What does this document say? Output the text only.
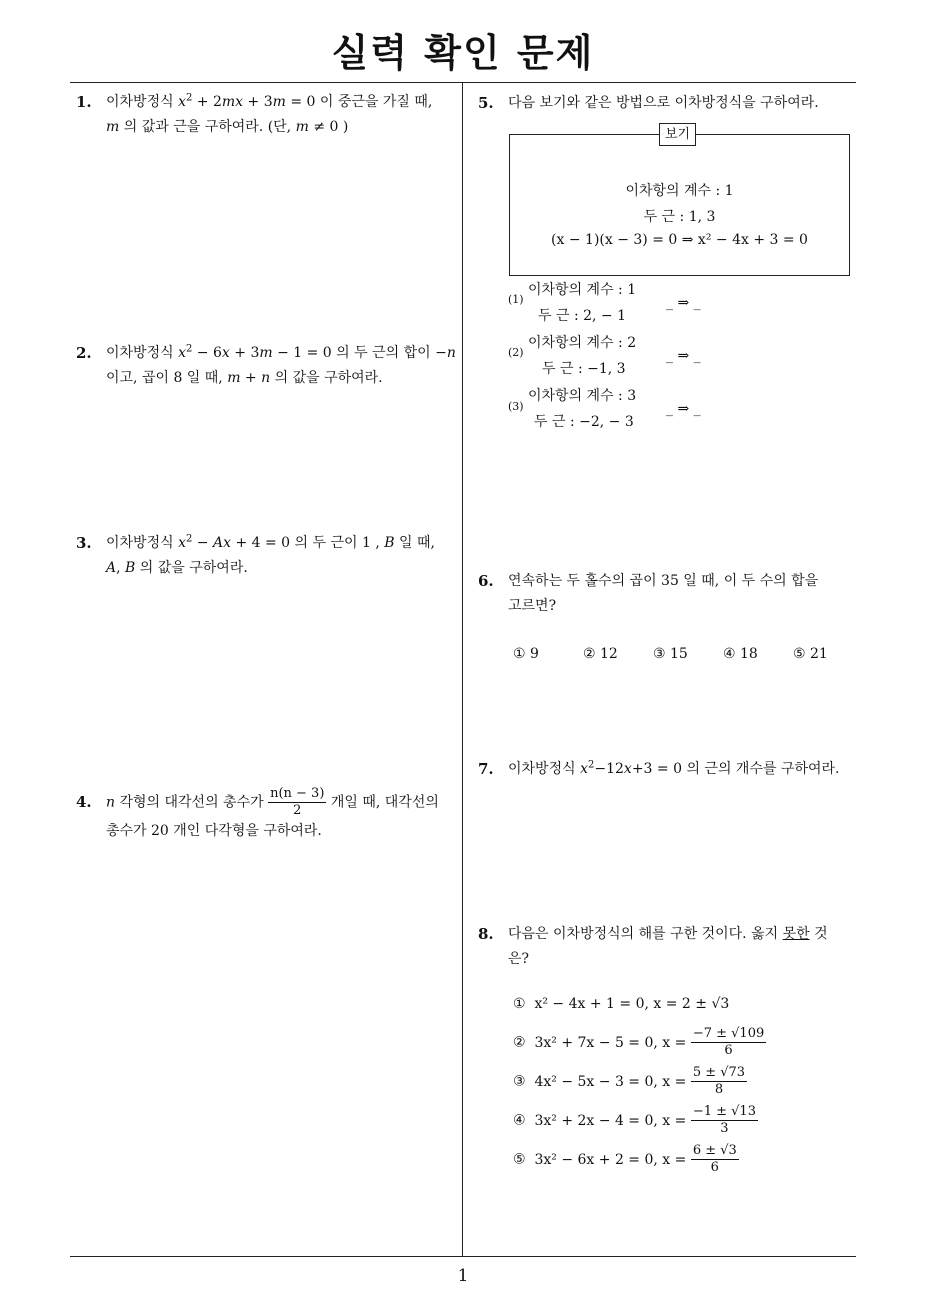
실력 확인 문제
1
1. 이차방정식 $x^2 + 2mx + 3m = 0$ 이 중근을 가질 때,
m 의 값과 근을 구하여라. (단, m ≠ 0 )
2. 이차방정식 $x^2 - 6x + 3m - 1 = 0$ 의 두 근의 합이 −n
이고, 곱이 8 일 때, m + n 의 값을 구하여라.
3. 이차방정식 $x^2 - Ax + 4 = 0$ 의 두 근이 1 , B 일 때,
A, B 의 값을 구하여라.
4. n 각형의 대각선의 총수가 $\frac{n(n - 3)}{2}$ 개일 때, 대각선의
총수가 20 개인 다각형을 구하여라.
5. 다음 보기와 같은 방법으로 이차방정식을 구하여라.
보기
이차항의 계수 : 1
두 근 : 1, 3
(x − 1)(x − 3) = 0 ⇒ x² − 4x + 3 = 0
(1)
이차항의 계수 : 1
두 근 : 2, − 1
_ ⇒ _
(2)
이차항의 계수 : 2
두 근 : −1, 3
_ ⇒ _
(3)
이차항의 계수 : 3
두 근 : −2, − 3
_ ⇒ _
6. 연속하는 두 홀수의 곱이 35 일 때, 이 두 수의 합을
고르면?
① 9	② 12	③ 15	④ 18	⑤ 21
7. 이차방정식 $x^2-12x+3 = 0$ 의 근의 개수를 구하여라.
8. 다음은 이차방정식의 해를 구한 것이다. 옳지 못한 것
은?
① x² − 4x + 1 = 0, x = 2 ± √3
② 3x² + 7x − 5 = 0, $x = \frac{-7 \pm √109}{6}$
③ 4x² − 5x − 3 = 0, $x = \frac{5 \pm √73}{8}$
④ 3x² + 2x − 4 = 0, $x = \frac{-1 \pm √13}{3}$
⑤ 3x² − 6x + 2 = 0, $x = \frac{6 \pm √3}{6}$
